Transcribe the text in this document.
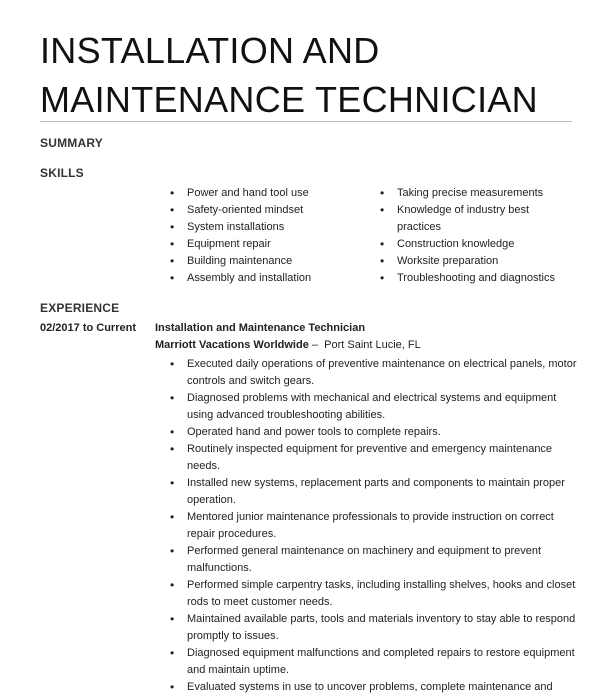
INSTALLATION AND
MAINTENANCE TECHNICIAN
SUMMARY
SKILLS
• Power and hand tool use
• Safety-oriented mindset
• System installations
• Equipment repair
• Building maintenance
• Assembly and installation
• Taking precise measurements
• Knowledge of industry best practices
• Construction knowledge
• Worksite preparation
• Troubleshooting and diagnostics
EXPERIENCE
02/2017 to Current Installation and Maintenance Technician
Marriott Vacations Worldwide – Port Saint Lucie, FL
• Executed daily operations of preventive maintenance on electrical panels, motor controls and switch gears.
• Diagnosed problems with mechanical and electrical systems and equipment using advanced troubleshooting abilities.
• Operated hand and power tools to complete repairs.
• Routinely inspected equipment for preventive and emergency maintenance needs.
• Installed new systems, replacement parts and components to maintain proper operation.
• Mentored junior maintenance professionals to provide instruction on correct repair procedures.
• Performed general maintenance on machinery and equipment to prevent malfunctions.
• Performed simple carpentry tasks, including installing shelves, hooks and closet rods to meet customer needs.
• Maintained available parts, tools and materials inventory to stay able to respond promptly to issues.
• Diagnosed equipment malfunctions and completed repairs to restore equipment and maintain uptime.
• Evaluated systems in use to uncover problems, complete maintenance and
